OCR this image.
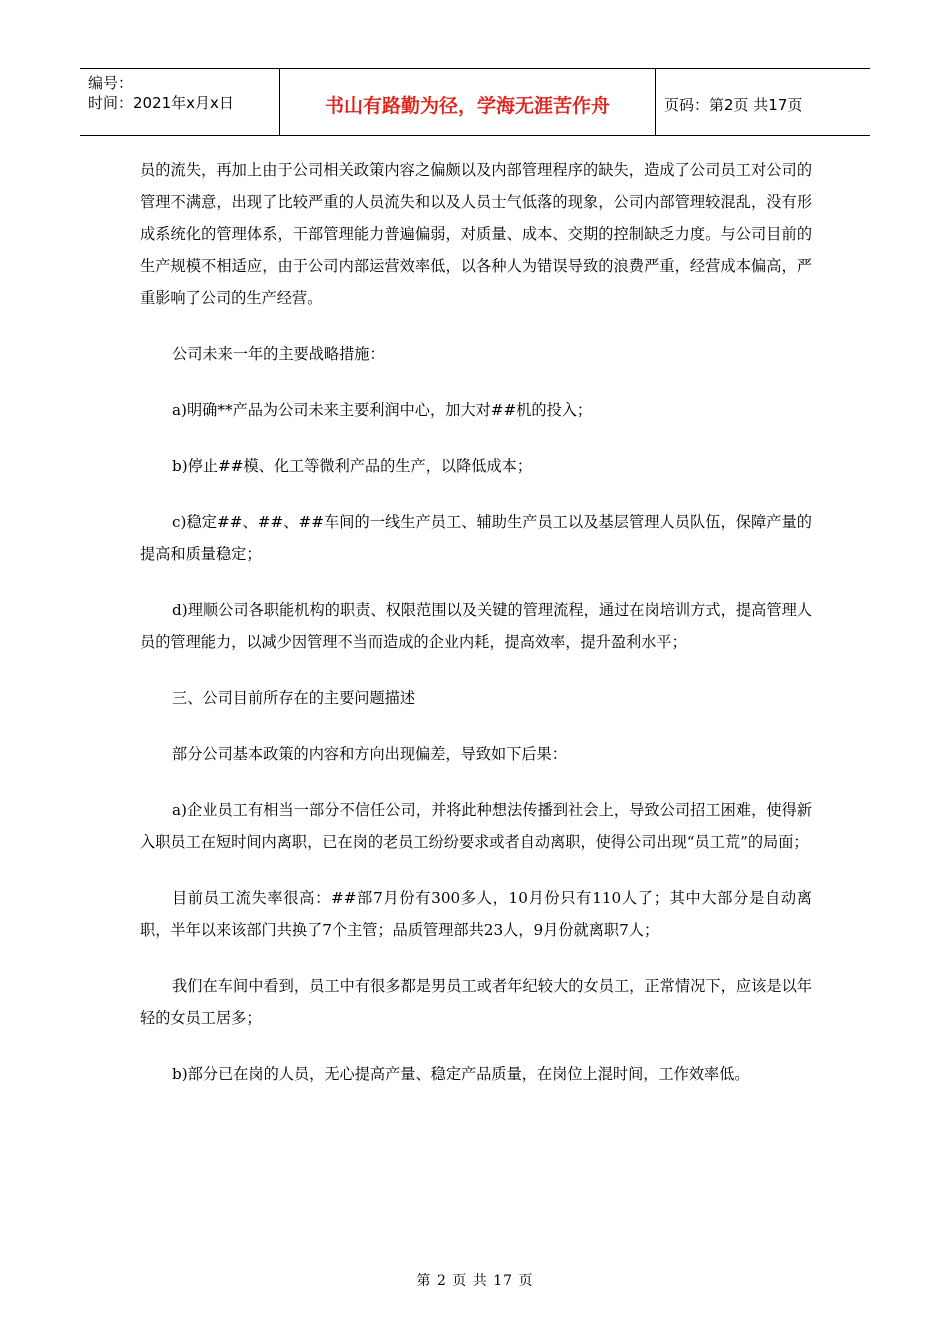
编号：
时间：2021年x月x日	书山有路勤为径，学海无涯苦作舟	页码：第2页 共17页

员的流失，再加上由于公司相关政策内容之偏颇以及内部管理程序的缺失，造成了公司员工对公司的管理不满意，出现了比较严重的人员流失和以及人员士气低落的现象，公司内部管理较混乱，没有形成系统化的管理体系，干部管理能力普遍偏弱，对质量、成本、交期的控制缺乏力度。与公司目前的生产规模不相适应，由于公司内部运营效率低，以各种人为错误导致的浪费严重，经营成本偏高，严重影响了公司的生产经营。

公司未来一年的主要战略措施：

a)明确**产品为公司未来主要利润中心，加大对##机的投入；

b)停止##模、化工等微利产品的生产，以降低成本；

c)稳定##、##、##车间的一线生产员工、辅助生产员工以及基层管理人员队伍，保障产量的提高和质量稳定；

d)理顺公司各职能机构的职责、权限范围以及关键的管理流程，通过在岗培训方式，提高管理人员的管理能力，以减少因管理不当而造成的企业内耗，提高效率，提升盈利水平；

三、公司目前所存在的主要问题描述

部分公司基本政策的内容和方向出现偏差，导致如下后果：

a)企业员工有相当一部分不信任公司，并将此种想法传播到社会上，导致公司招工困难，使得新入职员工在短时间内离职，已在岗的老员工纷纷要求或者自动离职，使得公司出现“员工荒”的局面；

目前员工流失率很高：##部7月份有300多人，10月份只有110人了；其中大部分是自动离职，半年以来该部门共换了7个主管；品质管理部共23人，9月份就离职7人；

我们在车间中看到，员工中有很多都是男员工或者年纪较大的女员工，正常情况下，应该是以年轻的女员工居多；

b)部分已在岗的人员，无心提高产量、稳定产品质量，在岗位上混时间，工作效率低。

第 2 页 共 17 页
